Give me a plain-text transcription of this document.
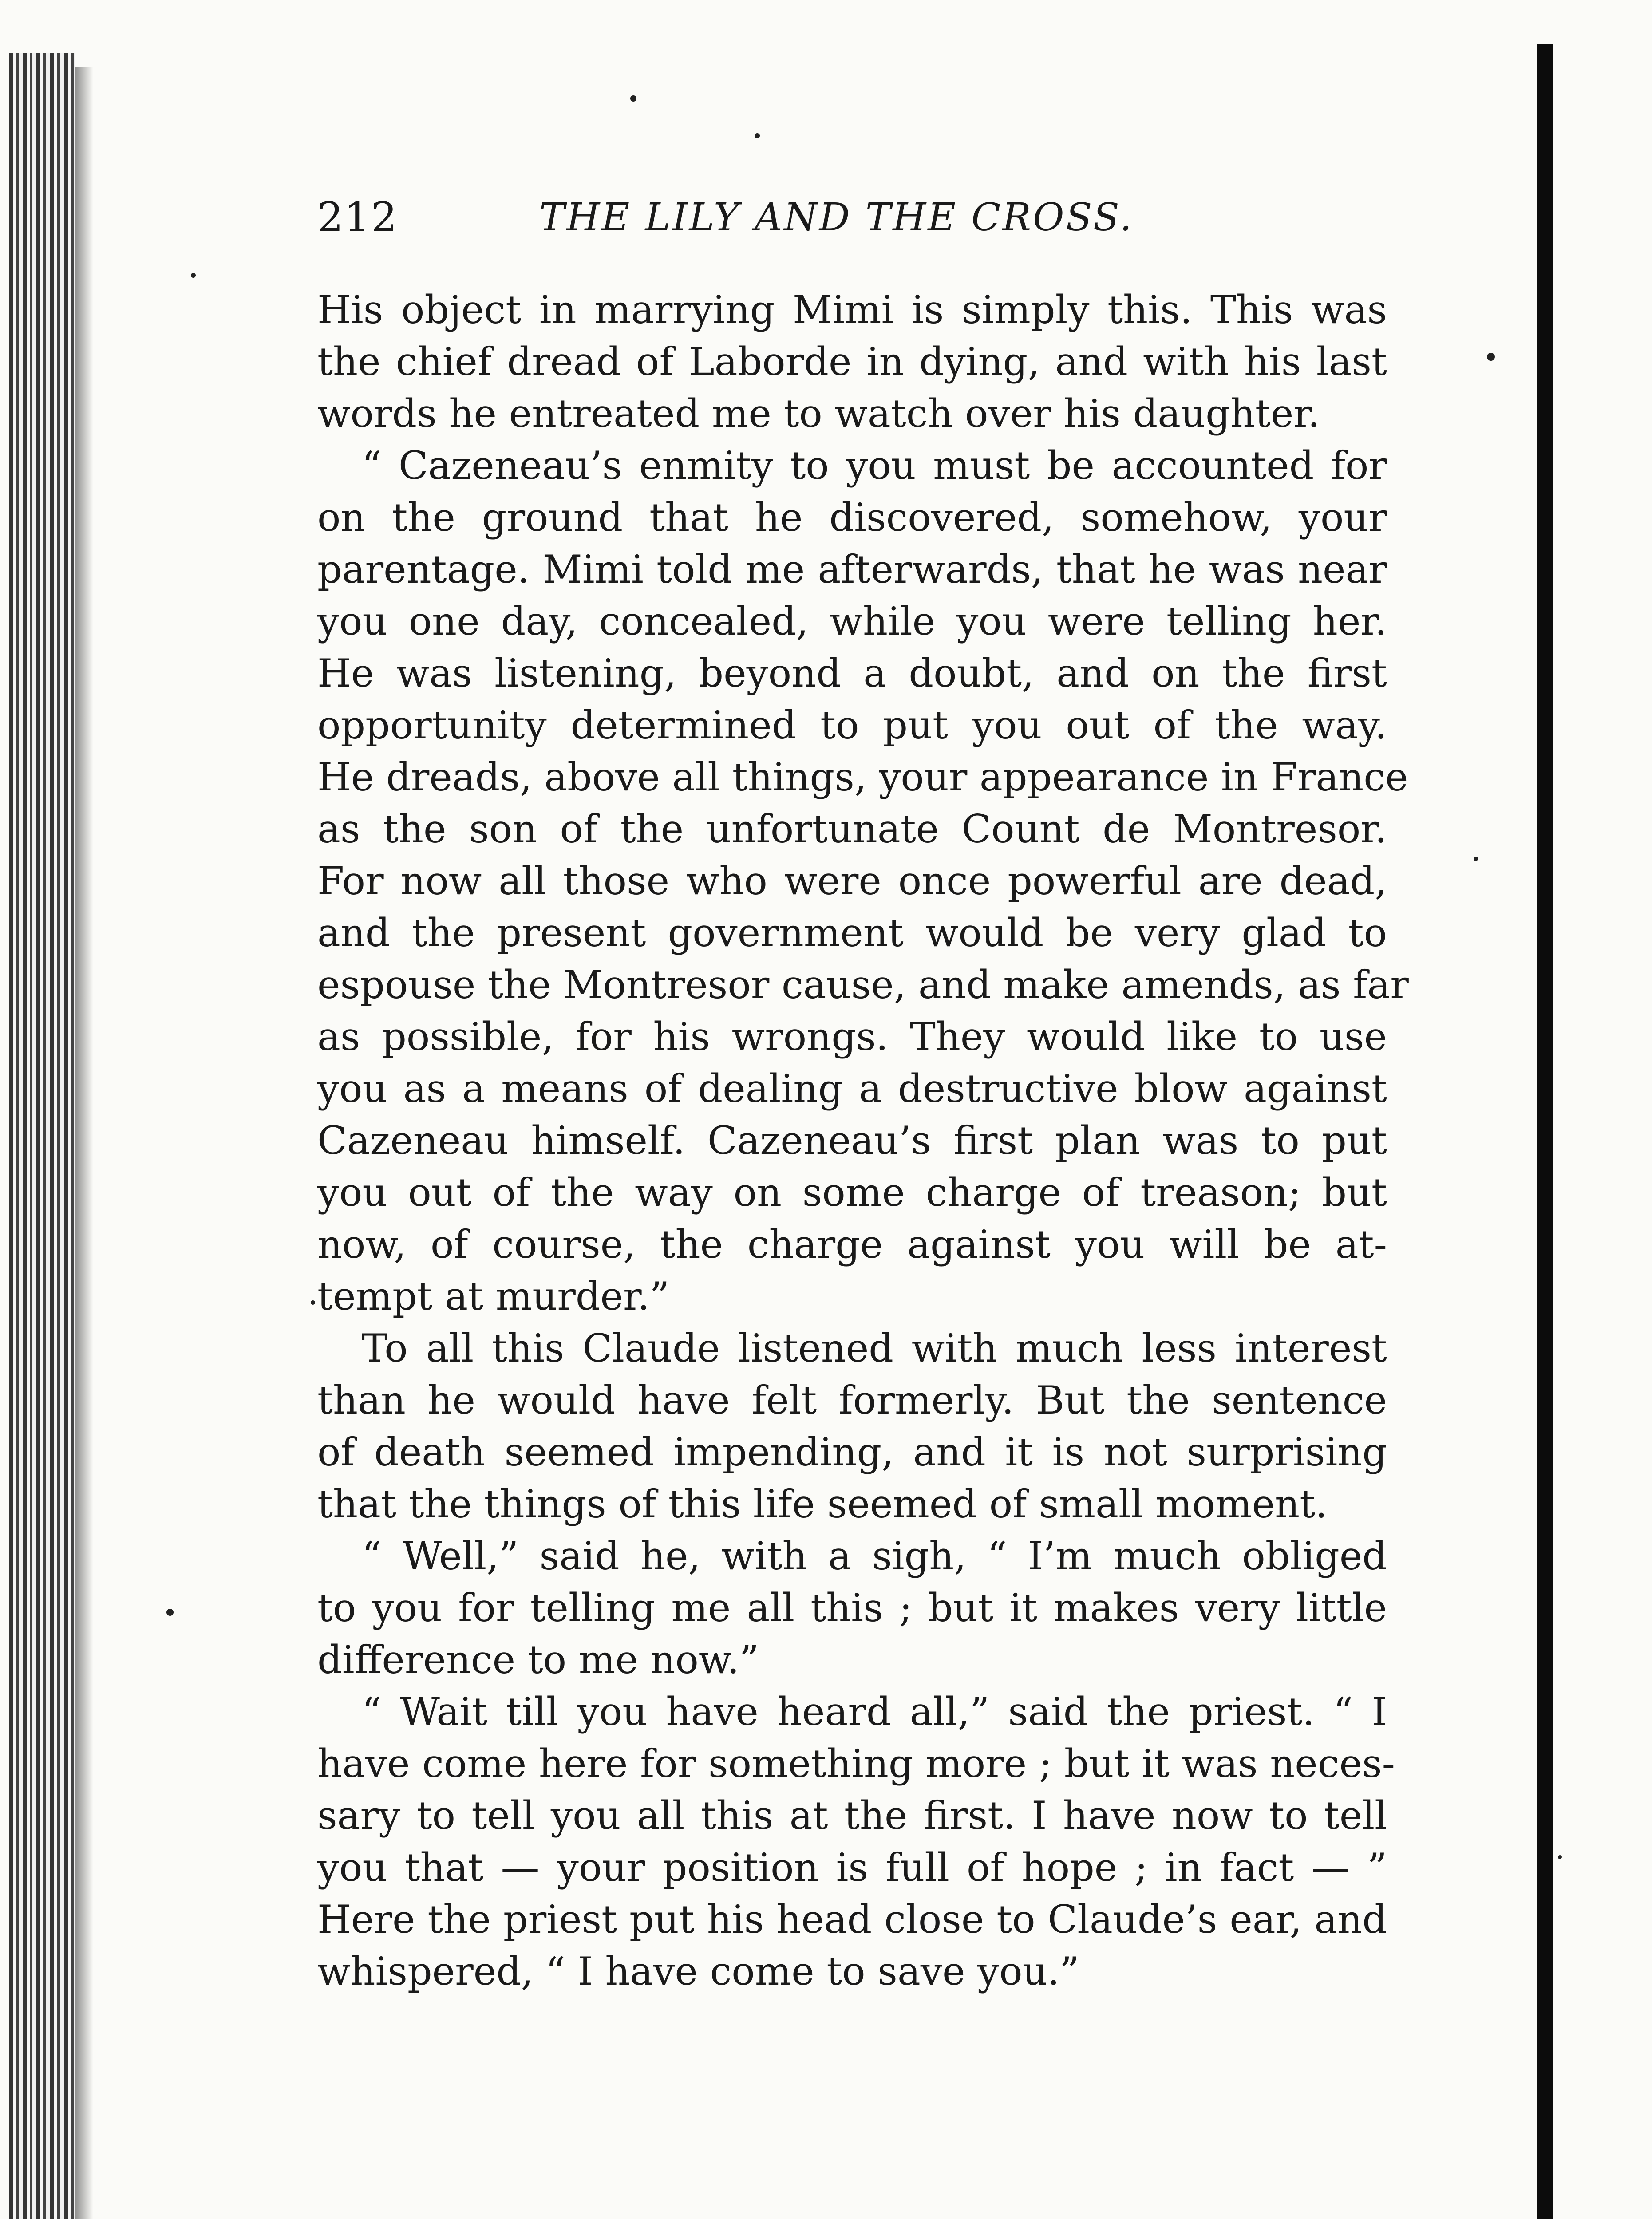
212	THE LILY AND THE CROSS.
His object in marrying Mimi is simply this. This was
the chief dread of Laborde in dying, and with his last
words he entreated me to watch over his daughter.
“ Cazeneau’s enmity to you must be accounted for
on the ground that he discovered, somehow, your
parentage. Mimi told me afterwards, that he was near
you one day, concealed, while you were telling her.
He was listening, beyond a doubt, and on the first
opportunity determined to put you out of the way.
He dreads, above all things, your appearance in France
as the son of the unfortunate Count de Montresor.
For now all those who were once powerful are dead,
and the present government would be very glad to
espouse the Montresor cause, and make amends, as far
as possible, for his wrongs. They would like to use
you as a means of dealing a destructive blow against
Cazeneau himself. Cazeneau’s first plan was to put
you out of the way on some charge of treason; but
now, of course, the charge against you will be at-
tempt at murder.”
To all this Claude listened with much less interest
than he would have felt formerly. But the sentence
of death seemed impending, and it is not surprising
that the things of this life seemed of small moment.
“ Well,” said he, with a sigh, “ I’m much obliged
to you for telling me all this ; but it makes very little
difference to me now.”
“ Wait till you have heard all,” said the priest. “ I
have come here for something more ; but it was neces-
sary to tell you all this at the first. I have now to tell
you that — your position is full of hope ; in fact — ”
Here the priest put his head close to Claude’s ear, and
whispered, “ I have come to save you.”
